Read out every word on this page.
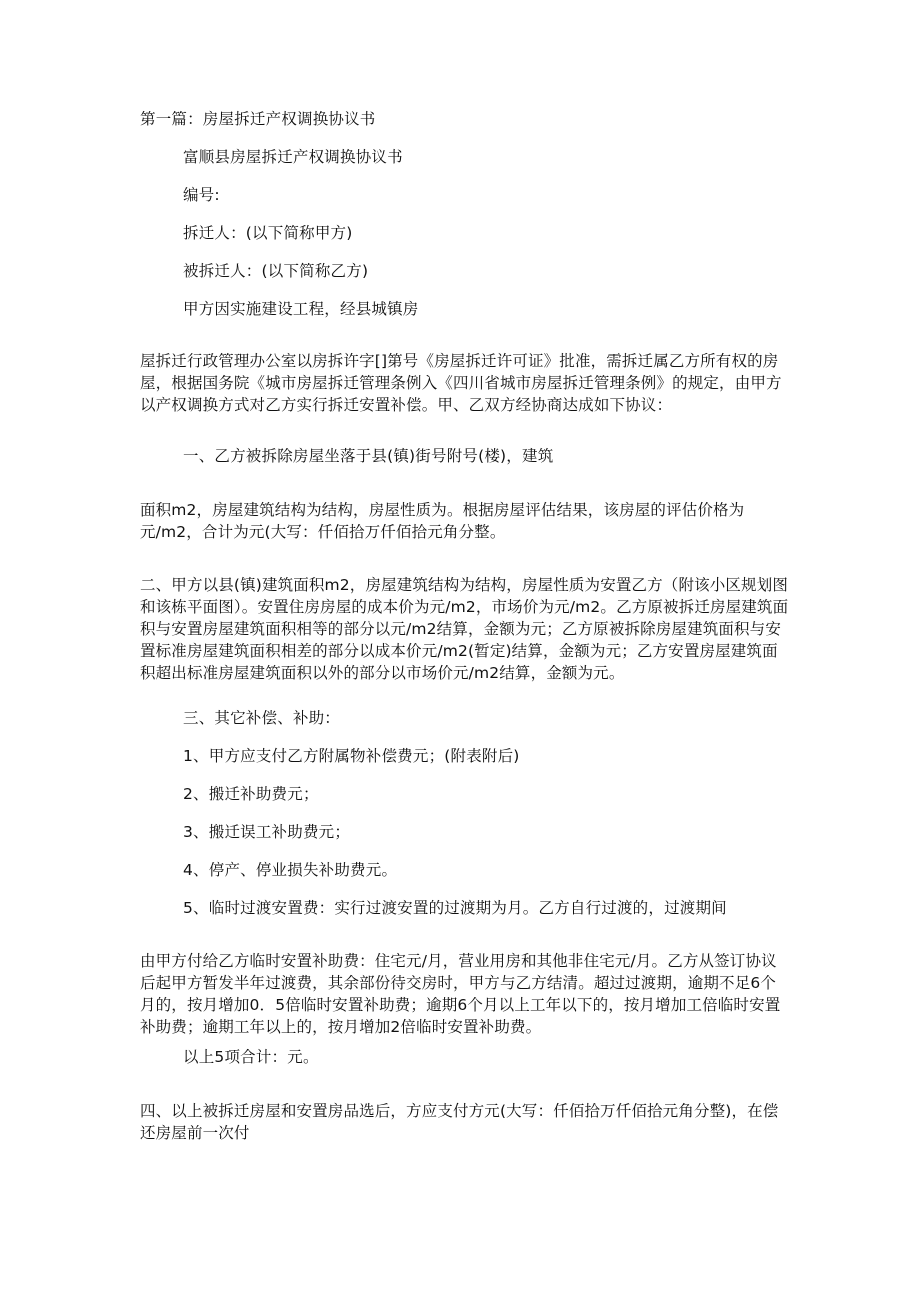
第一篇：房屋拆迁产权调换协议书
富顺县房屋拆迁产权调换协议书
编号:
拆迁人：(以下简称甲方)
被拆迁人：(以下简称乙方)
甲方因实施建设工程，经县城镇房
屋拆迁行政管理办公室以房拆许字[]第号《房屋拆迁许可证》批准，需拆迁属乙方所有权的房屋，根据国务院《城市房屋拆迁管理条例入《四川省城市房屋拆迁管理条例》的规定，由甲方以产权调换方式对乙方实行拆迁安置补偿。甲、乙双方经协商达成如下协议：
一、乙方被拆除房屋坐落于县(镇)街号附号(楼)，建筑
面积m2，房屋建筑结构为结构，房屋性质为。根据房屋评估结果，该房屋的评估价格为元/m2，合计为元(大写：仟佰拾万仟佰拾元角分整。
二、甲方以县(镇)建筑面积m2，房屋建筑结构为结构，房屋性质为安置乙方（附该小区规划图和该栋平面图）。安置住房房屋的成本价为元/m2，市场价为元/m2。乙方原被拆迁房屋建筑面积与安置房屋建筑面积相等的部分以元/m2结算，金额为元；乙方原被拆除房屋建筑面积与安置标准房屋建筑面积相差的部分以成本价元/m2(暂定)结算，金额为元；乙方安置房屋建筑面积超出标准房屋建筑面积以外的部分以市场价元/m2结算，金额为元。
三、其它补偿、补助：
1、甲方应支付乙方附属物补偿费元；(附表附后)
2、搬迁补助费元；
3、搬迁误工补助费元；
4、停产、停业损失补助费元。
5、临时过渡安置费：实行过渡安置的过渡期为月。乙方自行过渡的，过渡期间
由甲方付给乙方临时安置补助费：住宅元/月，营业用房和其他非住宅元/月。乙方从签订协议后起甲方暂发半年过渡费，其余部份待交房时，甲方与乙方结清。超过过渡期，逾期不足6个月的，按月增加0．5倍临时安置补助费；逾期6个月以上工年以下的，按月增加工倍临时安置补助费；逾期工年以上的，按月增加2倍临时安置补助费。
以上5项合计：元。
四、以上被拆迁房屋和安置房品选后，方应支付方元(大写：仟佰拾万仟佰拾元角分整)，在偿还房屋前一次付
